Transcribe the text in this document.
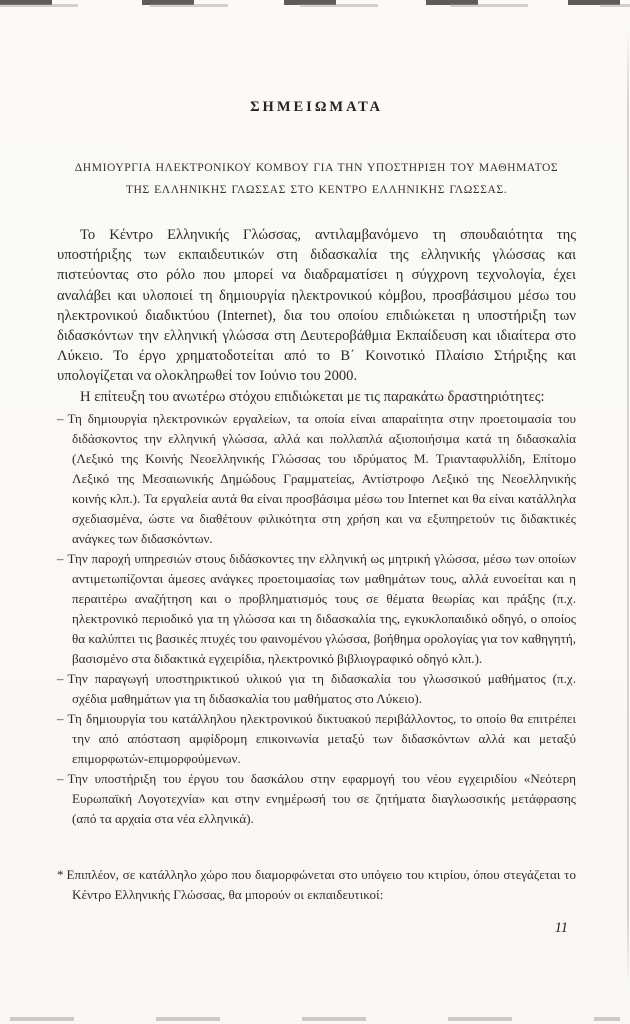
ΣΗΜΕΙΩΜΑΤΑ
ΔΗΜΙΟΥΡΓΙΑ ΗΛΕΚΤΡΟΝΙΚΟΥ ΚΟΜΒΟΥ ΓΙΑ ΤΗΝ ΥΠΟΣΤΗΡΙΞΗ ΤΟΥ ΜΑΘΗΜΑΤΟΣ
ΤΗΣ ΕΛΛΗΝΙΚΗΣ ΓΛΩΣΣΑΣ ΣΤΟ ΚΕΝΤΡΟ ΕΛΛΗΝΙΚΗΣ ΓΛΩΣΣΑΣ.

Το Κέντρο Ελληνικής Γλώσσας, αντιλαμβανόμενο τη σπουδαιότητα της υποστήριξης των εκπαιδευτικών στη διδασκαλία της ελληνικής γλώσσας και πιστεύοντας στο ρόλο που μπορεί να διαδραματίσει η σύγχρονη τεχνολογία, έχει αναλάβει και υλοποιεί τη δημιουργία ηλεκτρονικού κόμβου, προσβάσιμου μέσω του ηλεκτρονικού διαδικτύου (Internet), δια του οποίου επιδιώκεται η υποστήριξη των διδασκόντων την ελληνική γλώσσα στη Δευτεροβάθμια Εκπαίδευση και ιδιαίτερα στο Λύκειο. Το έργο χρηματοδοτείται από το Β΄ Κοινοτικό Πλαίσιο Στήριξης και υπολογίζεται να ολοκληρωθεί τον Ιούνιο του 2000.

Η επίτευξη του ανωτέρω στόχου επιδιώκεται με τις παρακάτω δραστηριότητες:

– Τη δημιουργία ηλεκτρονικών εργαλείων, τα οποία είναι απαραίτητα στην προετοιμασία του διδάσκοντος την ελληνική γλώσσα, αλλά και πολλαπλά αξιοποιήσιμα κατά τη διδασκαλία (Λεξικό της Κοινής Νεοελληνικής Γλώσσας του ιδρύματος Μ. Τριανταφυλλίδη, Επίτομο Λεξικό της Μεσαιωνικής Δημώδους Γραμματείας, Αντίστροφο Λεξικό της Νεοελληνικής κοινής κλπ.). Τα εργαλεία αυτά θα είναι προσβάσιμα μέσω του Internet και θα είναι κατάλληλα σχεδιασμένα, ώστε να διαθέτουν φιλικότητα στη χρήση και να εξυπηρετούν τις διδακτικές ανάγκες των διδασκόντων.
– Την παροχή υπηρεσιών στους διδάσκοντες την ελληνική ως μητρική γλώσσα, μέσω των οποίων αντιμετωπίζονται άμεσες ανάγκες προετοιμασίας των μαθημάτων τους, αλλά ευνοείται και η περαιτέρω αναζήτηση και ο προβληματισμός τους σε θέματα θεωρίας και πράξης (π.χ. ηλεκτρονικό περιοδικό για τη γλώσσα και τη διδασκαλία της, εγκυκλοπαιδικό οδηγό, ο οποίος θα καλύπτει τις βασικές πτυχές του φαινομένου γλώσσα, βοήθημα ορολογίας για τον καθηγητή, βασισμένο στα διδακτικά εγχειρίδια, ηλεκτρονικό βιβλιογραφικό οδηγό κλπ.).
– Την παραγωγή υποστηρικτικού υλικού για τη διδασκαλία του γλωσσικού μαθήματος (π.χ. σχέδια μαθημάτων για τη διδασκαλία του μαθήματος στο Λύκειο).
– Τη δημιουργία του κατάλληλου ηλεκτρονικού δικτυακού περιβάλλοντος, το οποίο θα επιτρέπει την από απόσταση αμφίδρομη επικοινωνία μεταξύ των διδασκόντων αλλά και μεταξύ επιμορφωτών-επιμορφούμενων.
– Την υποστήριξη του έργου του δασκάλου στην εφαρμογή του νέου εγχειριδίου «Νεότερη Ευρωπαϊκή Λογοτεχνία» και στην ενημέρωσή του σε ζητήματα διαγλωσσικής μετάφρασης (από τα αρχαία στα νέα ελληνικά).
* Επιπλέον, σε κατάλληλο χώρο που διαμορφώνεται στο υπόγειο του κτιρίου, όπου στεγάζεται το Κέντρο Ελληνικής Γλώσσας, θα μπορούν οι εκπαιδευτικοί:
11
